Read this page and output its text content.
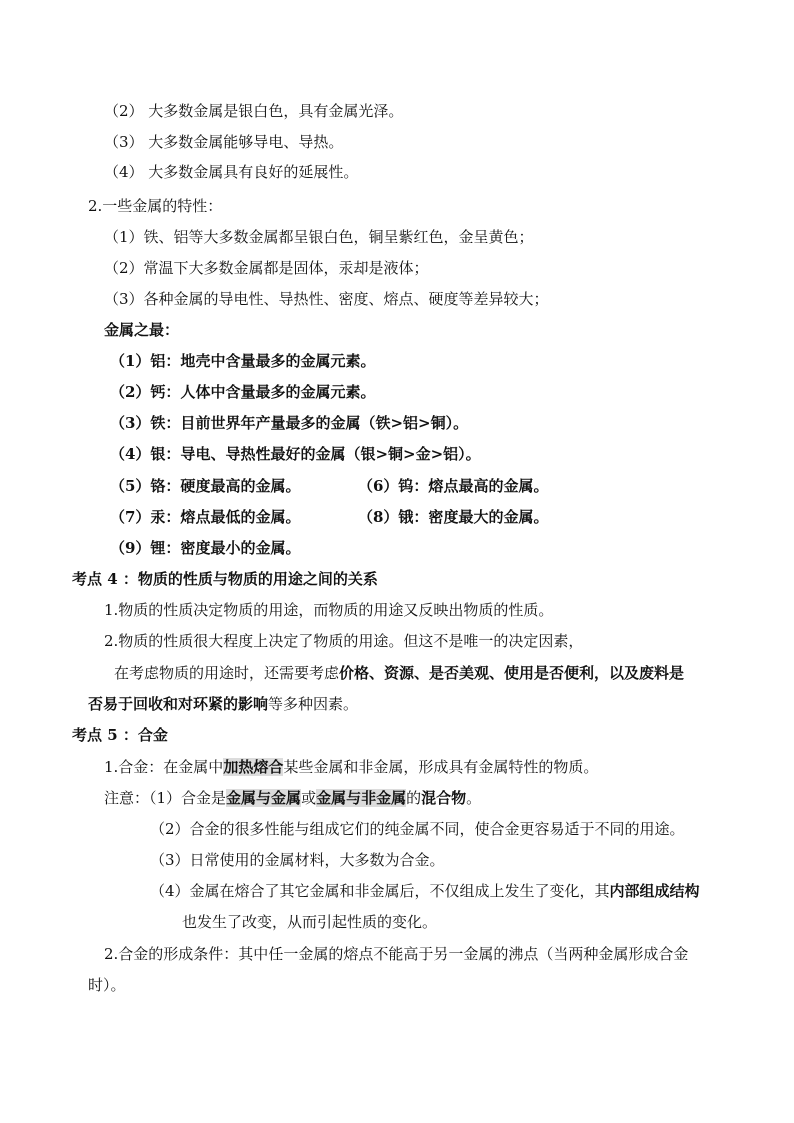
（2） 大多数金属是银白色，具有金属光泽。
（3） 大多数金属能够导电、导热。
（4） 大多数金属具有良好的延展性。
2.一些金属的特性：
（1）铁、铝等大多数金属都呈银白色，铜呈紫红色，金呈黄色；
（2）常温下大多数金属都是固体，汞却是液体；
（3）各种金属的导电性、导热性、密度、熔点、硬度等差异较大；
金属之最：
（1）铝：地壳中含量最多的金属元素。
（2）钙：人体中含量最多的金属元素。
（3）铁：目前世界年产量最多的金属（铁>铝>铜）。
（4）银：导电、导热性最好的金属（银>铜>金>铝）。
（5）铬：硬度最高的金属。	（6）钨：熔点最高的金属。
（7）汞：熔点最低的金属。	（8）锇：密度最大的金属。
（9）锂：密度最小的金属。
考点 4 ：物质的性质与物质的用途之间的关系
1.物质的性质决定物质的用途，而物质的用途又反映出物质的性质。
2.物质的性质很大程度上决定了物质的用途。但这不是唯一的决定因素，
在考虑物质的用途时，还需要考虑价格、资源、是否美观、使用是否便利，以及废料是
否易于回收和对环紧的影响等多种因素。
考点 5 ：合金
1.合金：在金属中加热熔合某些金属和非金属，形成具有金属特性的物质。
注意：（1）合金是金属与金属或金属与非金属的混合物。
（2）合金的很多性能与组成它们的纯金属不同，使合金更容易适于不同的用途。
（3）日常使用的金属材料，大多数为合金。
（4）金属在熔合了其它金属和非金属后，不仅组成上发生了变化，其内部组成结构
也发生了改变，从而引起性质的变化。
2.合金的形成条件：其中任一金属的熔点不能高于另一金属的沸点（当两种金属形成合金
时）。
